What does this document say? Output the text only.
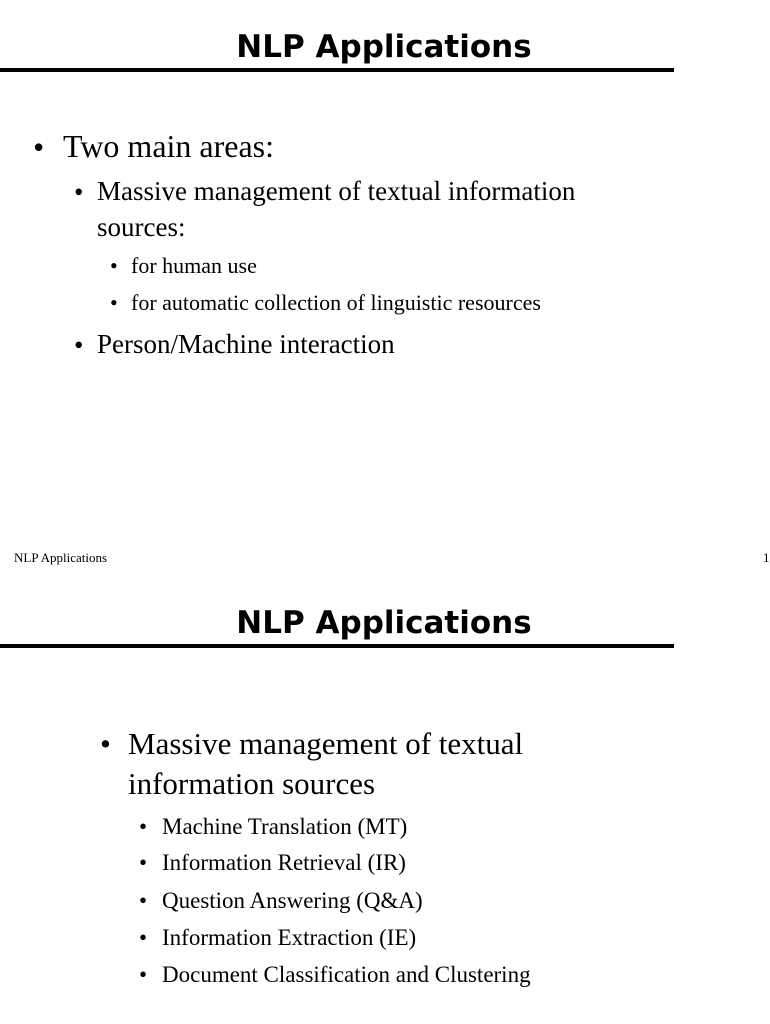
NLP Applications
• Two main areas:

• Massive management of textual information

sources:

• for human use

• for automatic collection of linguistic resources

• Person/Machine interaction

NLP Applications	1
NLP Applications
• Massive management of textual

information sources

• Machine Translation (MT)

• Information Retrieval (IR)

• Question Answering (Q&A)

• Information Extraction (IE)

• Document Classification and Clustering
